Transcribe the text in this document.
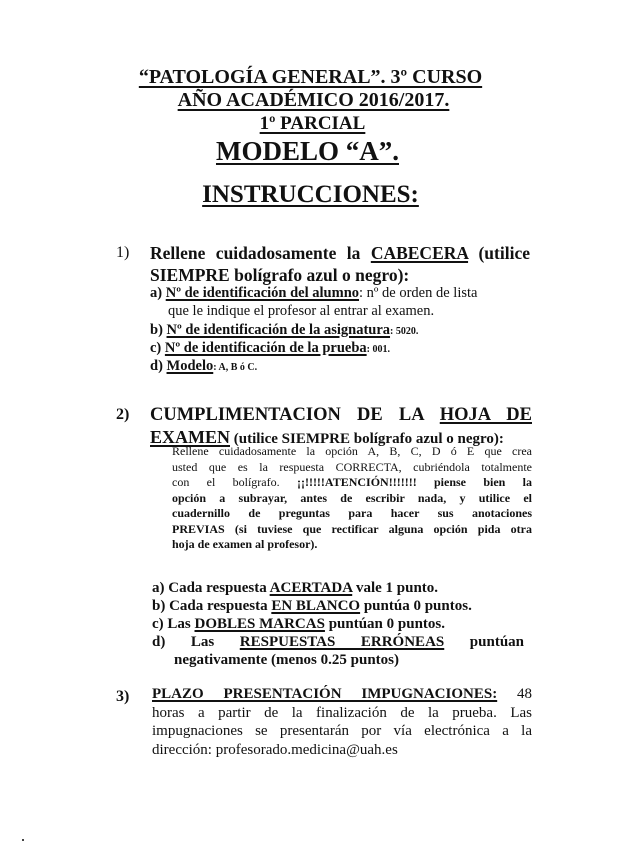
“PATOLOGÍA GENERAL”. 3º CURSO
AÑO ACADÉMICO 2016/2017.
1º PARCIAL
MODELO “A”.
INSTRUCCIONES:
1) Rellene cuidadosamente la CABECERA (utilice
SIEMPRE bolígrafo azul o negro):
a) Nº de identificación del alumno: nº de orden de lista
que le indique el profesor al entrar al examen.
b) Nº de identificación de la asignatura: 5020.
c) Nº de identificación de la prueba: 001.
d) Modelo: A, B ó C.
2) CUMPLIMENTACION DE LA HOJA DE
EXAMEN (utilice SIEMPRE bolígrafo azul o negro):
Rellene cuidadosamente la opción A, B, C, D ó E que crea
usted que es la respuesta CORRECTA, cubriéndola totalmente
con el bolígrafo. ¡¡!!!!!ATENCIÓN!!!!!!! piense bien la
opción a subrayar, antes de escribir nada, y utilice el
cuadernillo de preguntas para hacer sus anotaciones
PREVIAS (si tuviese que rectificar alguna opción pida otra
hoja de examen al profesor).
a) Cada respuesta ACERTADA vale 1 punto.
b) Cada respuesta EN BLANCO puntúa 0 puntos.
c) Las DOBLES MARCAS puntúan 0 puntos.
d) Las RESPUESTAS ERRÓNEAS puntúan
negativamente (menos 0.25 puntos)
3) PLAZO PRESENTACIÓN IMPUGNACIONES: 48
horas a partir de la finalización de la prueba. Las
impugnaciones se presentarán por vía electrónica a la
dirección: profesorado.medicina@uah.es
